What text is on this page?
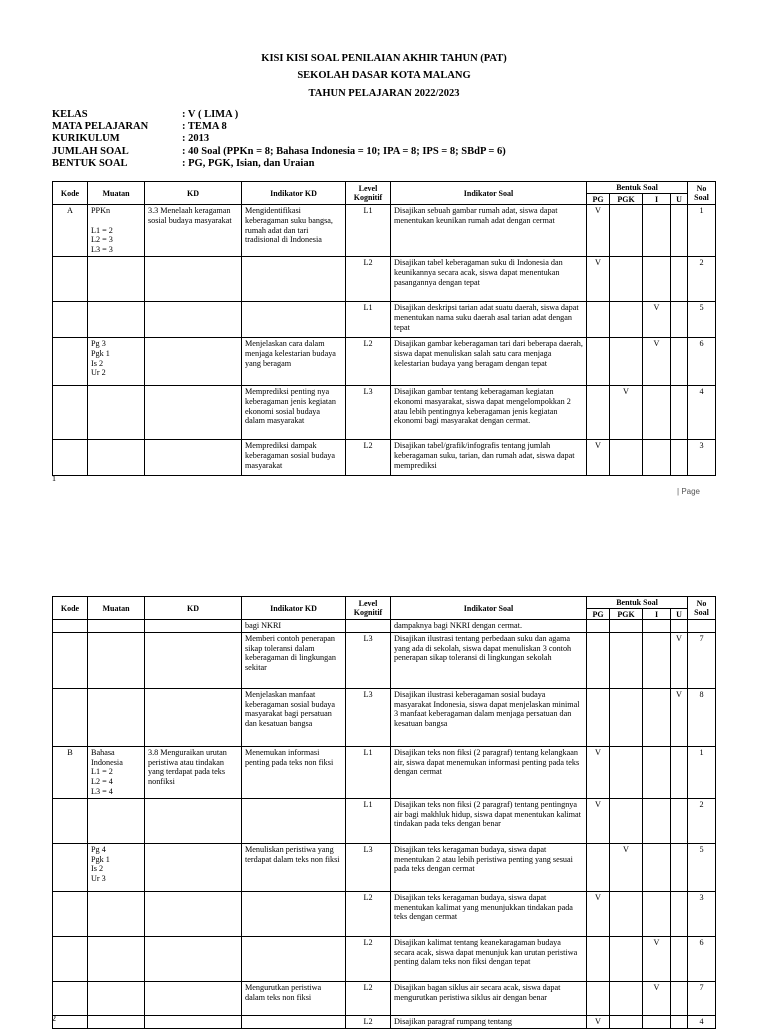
KISI KISI SOAL PENILAIAN AKHIR TAHUN (PAT)
SEKOLAH DASAR KOTA MALANG
TAHUN PELAJARAN 2022/2023
KELAS	: V ( LIMA )
MATA PELAJARAN	: TEMA 8
KURIKULUM	: 2013
JUMLAH SOAL	: 40 Soal (PPKn = 8; Bahasa Indonesia = 10; IPA = 8; IPS = 8; SBdP = 6)
BENTUK SOAL	: PG, PGK, Isian, dan Uraian
Kode	Muatan	KD	Indikator KD	Level Kognitif	Indikator Soal	Bentuk Soal				No Soal
						PG	PGK	I	U	
A	PPKn

L1 = 2
L2 = 3
L3 = 3	3.3 Menelaah keragaman sosial budaya masyarakat	Mengidentifikasi keberagaman suku bangsa, rumah adat dan tari tradisional di Indonesia	L1	Disajikan sebuah gambar rumah adat, siswa dapat menentukan keunikan rumah adat dengan cermat	V				1
				L2	Disajikan tabel keberagaman suku di Indonesia dan keunikannya secara acak, siswa dapat menentukan pasangannya dengan tepat	V				2
				L1	Disajikan deskripsi tarian adat suatu daerah, siswa dapat menentukan nama suku daerah asal tarian adat dengan tepat			V		5
	Pg 3
Pgk 1
Is 2
Ur 2		Menjelaskan cara dalam menjaga kelestarian budaya yang beragam	L2	Disajikan gambar keberagaman tari dari beberapa daerah, siswa dapat menuliskan salah satu cara menjaga kelestarian budaya yang beragam dengan tepat			V		6
			Memprediksi penting nya keberagaman jenis kegiatan ekonomi sosial budaya dalam masyarakat	L3	Disajikan gambar tentang keberagaman kegiatan ekonomi masyarakat, siswa dapat mengelompokkan 2 atau lebih pentingnya keberagaman jenis kegiatan ekonomi bagi masyarakat dengan cermat.		V			4
			Memprediksi dampak keberagaman sosial budaya masyarakat	L2	Disajikan tabel/grafik/infografis tentang jumlah keberagaman suku, tarian, dan rumah adat, siswa dapat memprediksi	V				3
1
| Page
Kode	Muatan	KD	Indikator KD	Level Kognitif	Indikator Soal	Bentuk Soal				No Soal
						PG	PGK	I	U	
			bagi NKRI		dampaknya bagi NKRI dengan cermat.					
			Memberi contoh penerapan sikap toleransi dalam keberagaman di lingkungan sekitar	L3	Disajikan ilustrasi tentang perbedaan suku dan agama yang ada di sekolah, siswa dapat menuliskan 3 contoh penerapan sikap toleransi di lingkungan sekolah				V	7
			Menjelaskan manfaat keberagaman sosial budaya masyarakat bagi persatuan dan kesatuan bangsa	L3	Disajikan ilustrasi keberagaman sosial budaya masyarakat Indonesia, siswa dapat menjelaskan minimal 3 manfaat keberagaman dalam menjaga persatuan dan kesatuan bangsa				V	8
B	Bahasa Indonesia
L1 = 2
L2 = 4
L3 = 4	3.8 Menguraikan urutan peristiwa atau tindakan yang terdapat pada teks nonfiksi	Menemukan informasi penting pada teks non fiksi	L1	Disajikan teks non fiksi (2 paragraf) tentang kelangkaan air, siswa dapat menemukan informasi penting pada teks dengan cermat	V				1
				L1	Disajikan teks non fiksi (2 paragraf) tentang pentingnya air bagi makhluk hidup, siswa dapat menentukan kalimat tindakan pada teks dengan benar	V				2
	Pg 4
Pgk 1
Is 2
Ur 3		Menuliskan peristiwa yang terdapat dalam teks non fiksi	L3	Disajikan teks keragaman budaya, siswa dapat menentukan 2 atau lebih peristiwa penting yang sesuai pada teks dengan cermat		V			5
				L2	Disajikan teks keragaman budaya, siswa dapat menentukan kalimat yang menunjukkan tindakan pada teks dengan cermat	V				3
				L2	Disajikan kalimat tentang keanekaragaman budaya secara acak, siswa dapat menunjuk kan urutan peristiwa penting dalam teks non fiksi dengan tepat			V		6
			Mengurutkan peristiwa dalam teks non fiksi	L2	Disajikan bagan siklus air secara acak, siswa dapat mengurutkan peristiwa siklus air dengan benar			V		7
				L2	Disajikan paragraf rumpang tentang	V				4
2
